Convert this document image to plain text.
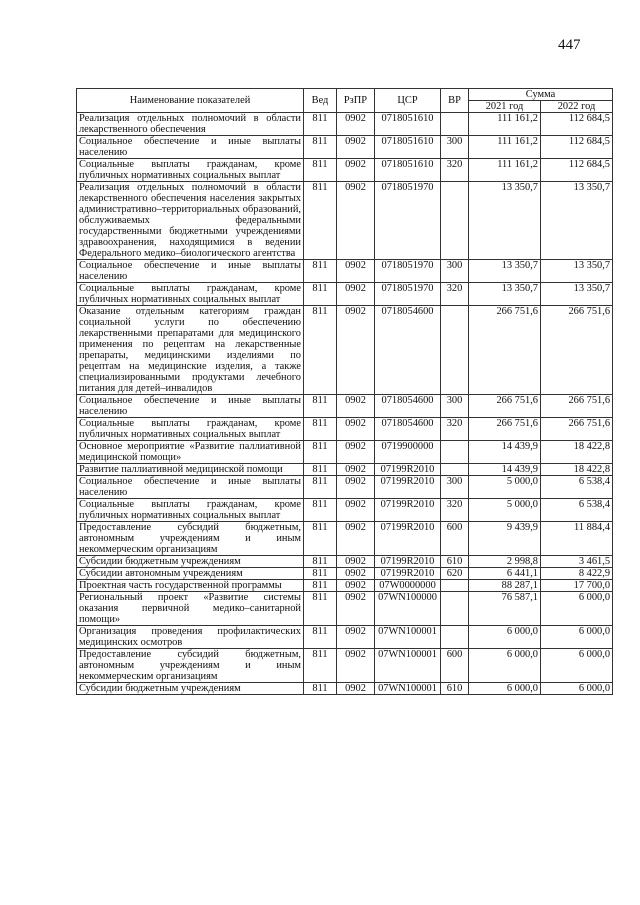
447
Наименование показателей	Вед	РзПР	ЦСР	ВР	Сумма	
					2021 год	2022 год
Реализация отдельных полномочий в области лекарственного обеспечения	811	0902	0718051610		111 161,2	112 684,5
Социальное обеспечение и иные выплаты населению	811	0902	0718051610	300	111 161,2	112 684,5
Социальные выплаты гражданам, кроме публичных нормативных социальных выплат	811	0902	0718051610	320	111 161,2	112 684,5
Реализация отдельных полномочий в области лекарственного обеспечения населения закрытых административно–территориальных образований, обслуживаемых федеральными государственными бюджетными учреждениями здравоохранения, находящимися в ведении Федерального медико–биологического агентства	811	0902	0718051970		13 350,7	13 350,7
Социальное обеспечение и иные выплаты населению	811	0902	0718051970	300	13 350,7	13 350,7
Социальные выплаты гражданам, кроме публичных нормативных социальных выплат	811	0902	0718051970	320	13 350,7	13 350,7
Оказание отдельным категориям граждан социальной услуги по обеспечению лекарственными препаратами для медицинского применения по рецептам на лекарственные препараты, медицинскими изделиями по рецептам на медицинские изделия, а также специализированными продуктами лечебного питания для детей–инвалидов	811	0902	0718054600		266 751,6	266 751,6
Социальное обеспечение и иные выплаты населению	811	0902	0718054600	300	266 751,6	266 751,6
Социальные выплаты гражданам, кроме публичных нормативных социальных выплат	811	0902	0718054600	320	266 751,6	266 751,6
Основное мероприятие «Развитие паллиативной медицинской помощи»	811	0902	0719900000		14 439,9	18 422,8
Развитие паллиативной медицинской помощи	811	0902	07199R2010		14 439,9	18 422,8
Социальное обеспечение и иные выплаты населению	811	0902	07199R2010	300	5 000,0	6 538,4
Социальные выплаты гражданам, кроме публичных нормативных социальных выплат	811	0902	07199R2010	320	5 000,0	6 538,4
Предоставление субсидий бюджетным, автономным учреждениям и иным некоммерческим организациям	811	0902	07199R2010	600	9 439,9	11 884,4
Субсидии бюджетным учреждениям	811	0902	07199R2010	610	2 998,8	3 461,5
Субсидии автономным учреждениям	811	0902	07199R2010	620	6 441,1	8 422,9
Проектная часть государственной программы	811	0902	07W0000000		88 287,1	17 700,0
Региональный проект «Развитие системы оказания первичной медико–санитарной помощи»	811	0902	07WN100000		76 587,1	6 000,0
Организация проведения профилактических медицинских осмотров	811	0902	07WN100001		6 000,0	6 000,0
Предоставление субсидий бюджетным, автономным учреждениям и иным некоммерческим организациям	811	0902	07WN100001	600	6 000,0	6 000,0
Субсидии бюджетным учреждениям	811	0902	07WN100001	610	6 000,0	6 000,0
